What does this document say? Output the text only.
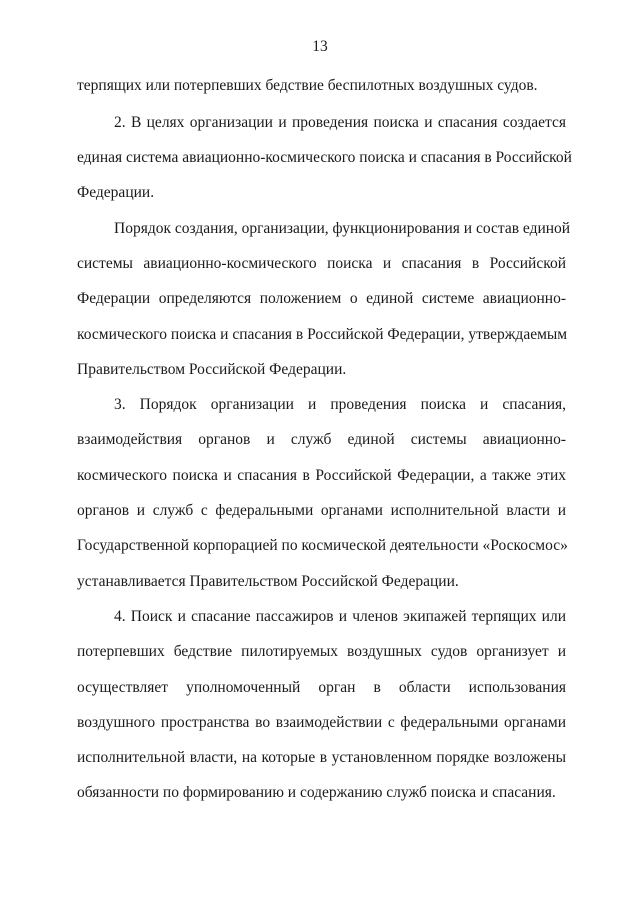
13
терпящих или потерпевших бедствие беспилотных воздушных судов.
2. В целях организации и проведения поиска и спасания создается
единая система авиационно-космического поиска и спасания в Российской
Федерации.
Порядок создания, организации, функционирования и состав единой
системы авиационно-космического поиска и спасания в Российской
Федерации определяются положением о единой системе авиационно-
космического поиска и спасания в Российской Федерации, утверждаемым
Правительством Российской Федерации.
3. Порядок организации и проведения поиска и спасания,
взаимодействия органов и служб единой системы авиационно-
космического поиска и спасания в Российской Федерации, а также этих
органов и служб с федеральными органами исполнительной власти и
Государственной корпорацией по космической деятельности «Роскосмос»
устанавливается Правительством Российской Федерации.
4. Поиск и спасание пассажиров и членов экипажей терпящих или
потерпевших бедствие пилотируемых воздушных судов организует и
осуществляет уполномоченный орган в области использования
воздушного пространства во взаимодействии с федеральными органами
исполнительной власти, на которые в установленном порядке возложены
обязанности по формированию и содержанию служб поиска и спасания.
